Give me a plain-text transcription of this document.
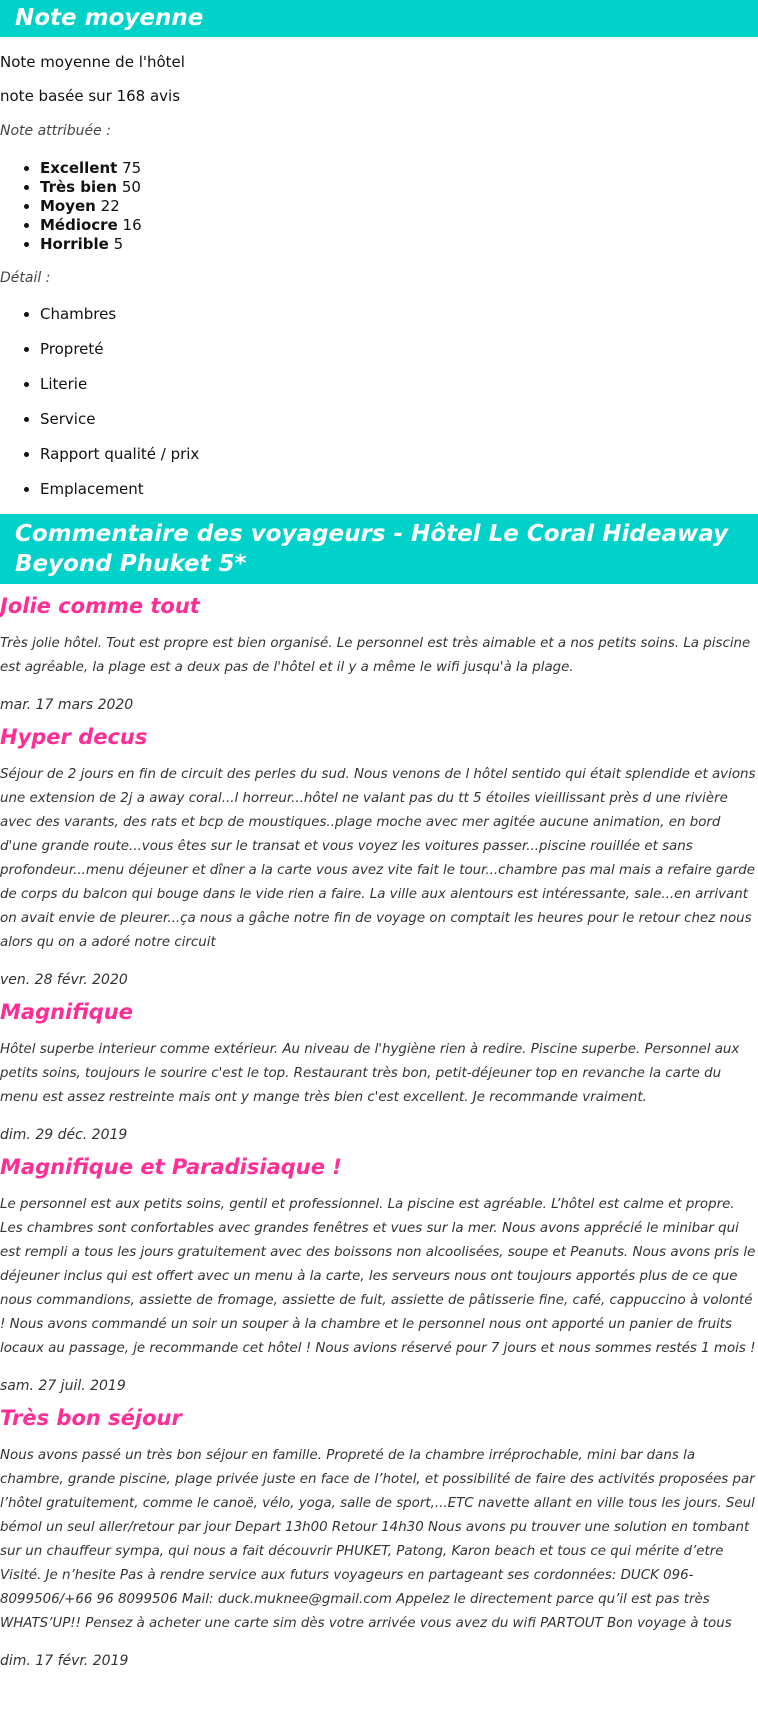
Note moyenne

Note moyenne de l'hôtel

note basée sur 168 avis

Note attribuée :

• Excellent 75
• Très bien 50
• Moyen 22
• Médiocre 16
• Horrible 5

Détail :

• Chambres
• Propreté
• Literie
• Service
• Rapport qualité / prix
• Emplacement
Commentaire des voyageurs - Hôtel Le Coral Hideaway Beyond Phuket 5*
Jolie comme tout

Très jolie hôtel. Tout est propre est bien organisé. Le personnel est très aimable et a nos petits soins. La piscine est agréable, la plage est a deux pas de l'hôtel et il y a même le wifi jusqu'à la plage.

mar. 17 mars 2020

Hyper decus

Séjour de 2 jours en fin de circuit des perles du sud. Nous venons de l hôtel sentido qui était splendide et avions une extension de 2j a away coral...l horreur...hôtel ne valant pas du tt 5 étoiles vieillissant près d une rivière avec des varants, des rats et bcp de moustiques..plage moche avec mer agitée aucune animation, en bord d'une grande route...vous êtes sur le transat et vous voyez les voitures passer...piscine rouillée et sans profondeur...menu déjeuner et dîner a la carte vous avez vite fait le tour...chambre pas mal mais a refaire garde de corps du balcon qui bouge dans le vide rien a faire. La ville aux alentours est intéressante, sale...en arrivant on avait envie de pleurer...ça nous a gâche notre fin de voyage on comptait les heures pour le retour chez nous alors qu on a adoré notre circuit

ven. 28 févr. 2020

Magnifique

Hôtel superbe interieur comme extérieur. Au niveau de l'hygiène rien à redire. Piscine superbe. Personnel aux petits soins, toujours le sourire c'est le top. Restaurant très bon, petit-déjeuner top en revanche la carte du menu est assez restreinte mais ont y mange très bien c'est excellent. Je recommande vraiment.

dim. 29 déc. 2019

Magnifique et Paradisiaque !

Le personnel est aux petits soins, gentil et professionnel. La piscine est agréable. L’hôtel est calme et propre. Les chambres sont confortables avec grandes fenêtres et vues sur la mer. Nous avons apprécié le minibar qui est rempli a tous les jours gratuitement avec des boissons non alcoolisées, soupe et Peanuts. Nous avons pris le déjeuner inclus qui est offert avec un menu à la carte, les serveurs nous ont toujours apportés plus de ce que nous commandions, assiette de fromage, assiette de fuit, assiette de pâtisserie fine, café, cappuccino à volonté ! Nous avons commandé un soir un souper à la chambre et le personnel nous ont apporté un panier de fruits locaux au passage, je recommande cet hôtel ! Nous avions réservé pour 7 jours et nous sommes restés 1 mois !

sam. 27 juil. 2019

Très bon séjour

Nous avons passé un très bon séjour en famille. Propreté de la chambre irréprochable, mini bar dans la chambre, grande piscine, plage privée juste en face de l’hotel, et possibilité de faire des activités proposées par l’hôtel gratuitement, comme le canoë, vélo, yoga, salle de sport,...ETC navette allant en ville tous les jours. Seul bémol un seul aller/retour par jour Depart 13h00 Retour 14h30 Nous avons pu trouver une solution en tombant sur un chauffeur sympa, qui nous a fait découvrir PHUKET, Patong, Karon beach et tous ce qui mérite d’etre Visité. Je n’hesite Pas à rendre service aux futurs voyageurs en partageant ses cordonnées: DUCK 096-8099506/+66 96 8099506 Mail: duck.muknee@gmail.com Appelez le directement parce qu’il est pas très WHATS’UP!! Pensez à acheter une carte sim dès votre arrivée vous avez du wifi PARTOUT Bon voyage à tous

dim. 17 févr. 2019
